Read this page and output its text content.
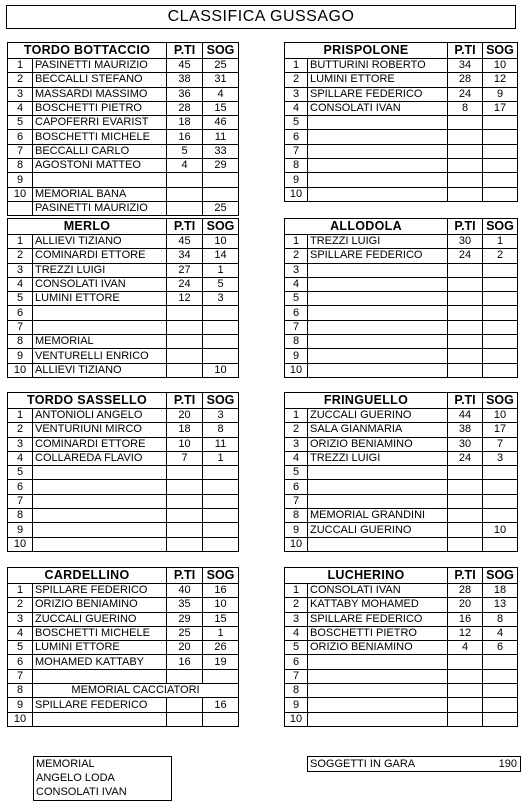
CLASSIFICA GUSSAGO
TORDO BOTTACCIO		P.TI	SOG
1	PASINETTI MAURIZIO	45	25
2	BECCALLI STEFANO	38	31
3	MASSARDI MASSIMO	36	4
4	BOSCHETTI PIETRO	28	15
5	CAPOFERRI EVARIST	18	46
6	BOSCHETTI MICHELE	16	11
7	BECCALLI CARLO	5	33
8	AGOSTONI MATTEO	4	29
9			
10	MEMORIAL BANA		
	PASINETTI MAURIZIO		25
PRISPOLONE		P.TI	SOG
1	BUTTURINI ROBERTO	34	10
2	LUMINI ETTORE	28	12
3	SPILLARE FEDERICO	24	9
4	CONSOLATI IVAN	8	17
5			
6			
7			
8			
9			
10			
MERLO		P.TI	SOG
1	ALLIEVI TIZIANO	45	10
2	COMINARDI ETTORE	34	14
3	TREZZI LUIGI	27	1
4	CONSOLATI IVAN	24	5
5	LUMINI ETTORE	12	3
6			
7			
8	MEMORIAL		
9	VENTURELLI ENRICO		
10	ALLIEVI TIZIANO		10
ALLODOLA		P.TI	SOG
1	TREZZI LUIGI	30	1
2	SPILLARE FEDERICO	24	2
3			
4			
5			
6			
7			
8			
9			
10			
TORDO SASSELLO		P.TI	SOG
1	ANTONIOLI ANGELO	20	3
2	VENTURIUNI MIRCO	18	8
3	COMINARDI ETTORE	10	11
4	COLLAREDA FLAVIO	7	1
5			
6			
7			
8			
9			
10			
FRINGUELLO		P.TI	SOG
1	ZUCCALI GUERINO	44	10
2	SALA GIANMARIA	38	17
3	ORIZIO BENIAMINO	30	7
4	TREZZI LUIGI	24	3
5			
6			
7			
8	MEMORIAL GRANDINI		
9	ZUCCALI GUERINO		10
10			
CARDELLINO		P.TI	SOG
1	SPILLARE FEDERICO	40	16
2	ORIZIO BENIAMINO	35	10
3	ZUCCALI GUERINO	29	15
4	BOSCHETTI MICHELE	25	1
5	LUMINI ETTORE	20	26
6	MOHAMED KATTABY	16	19
7			
8	MEMORIAL CACCIATORI		
9	SPILLARE FEDERICO		16
10			
LUCHERINO		P.TI	SOG
1	CONSOLATI IVAN	28	18
2	KATTABY MOHAMED	20	13
3	SPILLARE FEDERICO	16	8
4	BOSCHETTI PIETRO	12	4
5	ORIZIO BENIAMINO	4	6
6			
7			
8			
9			
10			
MEMORIAL
ANGELO LODA
CONSOLATI IVAN
SOGGETTI IN GARA	190
